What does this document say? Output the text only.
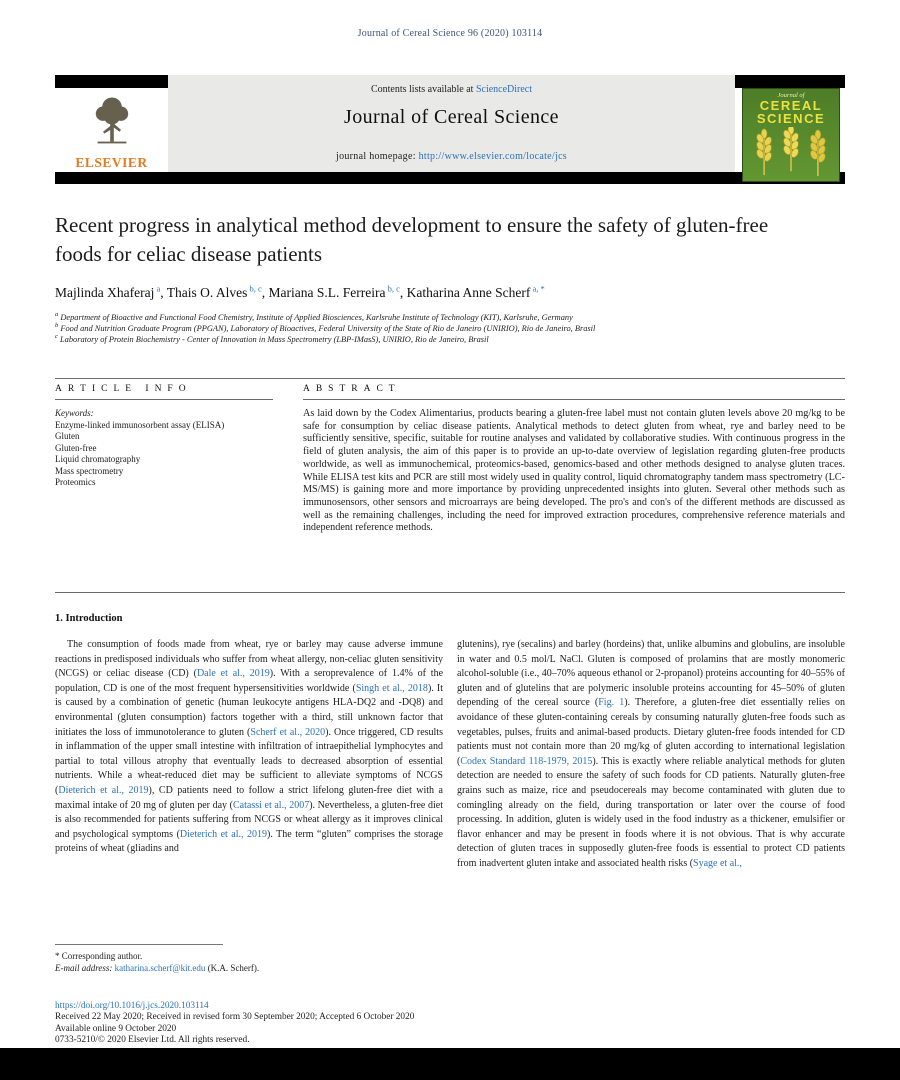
Journal of Cereal Science 96 (2020) 103114
ELSEVIER
Contents lists available at ScienceDirect
Journal of Cereal Science
journal homepage: http://www.elsevier.com/locate/jcs
Journal of
CEREAL
SCIENCE
Recent progress in analytical method development to ensure the safety of gluten-free foods for celiac disease patients
Majlinda Xhaferaj $^a$, Thais O. Alves $^{b, c}$, Mariana S.L. Ferreira $^{b, c}$, Katharina Anne Scherf $^{a, *}$
$^a$ Department of Bioactive and Functional Food Chemistry, Institute of Applied Biosciences, Karlsruhe Institute of Technology (KIT), Karlsruhe, Germany
$^b$ Food and Nutrition Graduate Program (PPGAN), Laboratory of Bioactives, Federal University of the State of Rio de Janeiro (UNIRIO), Rio de Janeiro, Brasil
$^c$ Laboratory of Protein Biochemistry - Center of Innovation in Mass Spectrometry (LBP-IMasS), UNIRIO, Rio de Janeiro, Brasil
A R T I C L E   I N F O
Keywords:
Enzyme-linked immunosorbent assay (ELISA)
Gluten
Gluten-free
Liquid chromatography
Mass spectrometry
Proteomics
A B S T R A C T
As laid down by the Codex Alimentarius, products bearing a gluten-free label must not contain gluten levels above 20 mg/kg to be safe for consumption by celiac disease patients. Analytical methods to detect gluten from wheat, rye and barley need to be sufficiently sensitive, specific, suitable for routine analyses and validated by collaborative studies. With continuous progress in the field of gluten analysis, the aim of this paper is to provide an up-to-date overview of legislation regarding gluten-free products worldwide, as well as immunochemical, proteomics-based, genomics-based and other methods designed to analyse gluten traces. While ELISA test kits and PCR are still most widely used in quality control, liquid chromatography tandem mass spectrometry (LC-MS/MS) is gaining more and more importance by providing unprecedented insights into gluten. Several other methods such as immunosensors, other sensors and microarrays are being developed. The pro's and con's of the different methods are discussed as well as the remaining challenges, including the need for improved extraction procedures, comprehensive reference materials and independent reference methods.
1. Introduction

The consumption of foods made from wheat, rye or barley may cause adverse immune reactions in predisposed individuals who suffer from wheat allergy, non-celiac gluten sensitivity (NCGS) or celiac disease (CD) (Dale et al., 2019). With a seroprevalence of 1.4% of the population, CD is one of the most frequent hypersensitivities worldwide (Singh et al., 2018). It is caused by a combination of genetic (human leukocyte antigens HLA-DQ2 and -DQ8) and environmental (gluten consumption) factors together with a third, still unknown factor that initiates the loss of immunotolerance to gluten (Scherf et al., 2020). Once triggered, CD results in inflammation of the upper small intestine with infiltration of intraepithelial lymphocytes and partial to total villous atrophy that eventually leads to decreased absorption of essential nutrients. While a wheat-reduced diet may be sufficient to alleviate symptoms of NCGS (Dieterich et al., 2019), CD patients need to follow a strict lifelong gluten-free diet with a maximal intake of 20 mg of gluten per day (Catassi et al., 2007). Nevertheless, a gluten-free diet is also recommended for patients suffering from NCGS or wheat allergy as it improves clinical and psychological symptoms (Dieterich et al., 2019). The term “gluten” comprises the storage proteins of wheat (gliadins and

glutenins), rye (secalins) and barley (hordeins) that, unlike albumins and globulins, are insoluble in water and 0.5 mol/L NaCl. Gluten is composed of prolamins that are mostly monomeric alcohol-soluble (i.e., 40–70% aqueous ethanol or 2-propanol) proteins accounting for 40–55% of gluten and of glutelins that are polymeric insoluble proteins accounting for 45–50% of gluten depending of the cereal source (Fig. 1). Therefore, a gluten-free diet essentially relies on avoidance of these gluten-containing cereals by consuming naturally gluten-free foods such as vegetables, pulses, fruits and animal-based products. Dietary gluten-free foods intended for CD patients must not contain more than 20 mg/kg of gluten according to international legislation (Codex Standard 118-1979, 2015). This is exactly where reliable analytical methods for gluten detection are needed to ensure the safety of such foods for CD patients. Naturally gluten-free grains such as maize, rice and pseudocereals may become contaminated with gluten due to comingling already on the field, during transportation or later over the course of food processing. In addition, gluten is widely used in the food industry as a thickener, emulsifier or flavor enhancer and may be present in foods where it is not obvious. That is why accurate detection of gluten traces in supposedly gluten-free foods is essential to protect CD patients from inadvertent gluten intake and associated health risks (Syage et al.,

* Corresponding author.
E-mail address: katharina.scherf@kit.edu (K.A. Scherf).
https://doi.org/10.1016/j.jcs.2020.103114
Received 22 May 2020; Received in revised form 30 September 2020; Accepted 6 October 2020
Available online 9 October 2020
0733-5210/© 2020 Elsevier Ltd. All rights reserved.
